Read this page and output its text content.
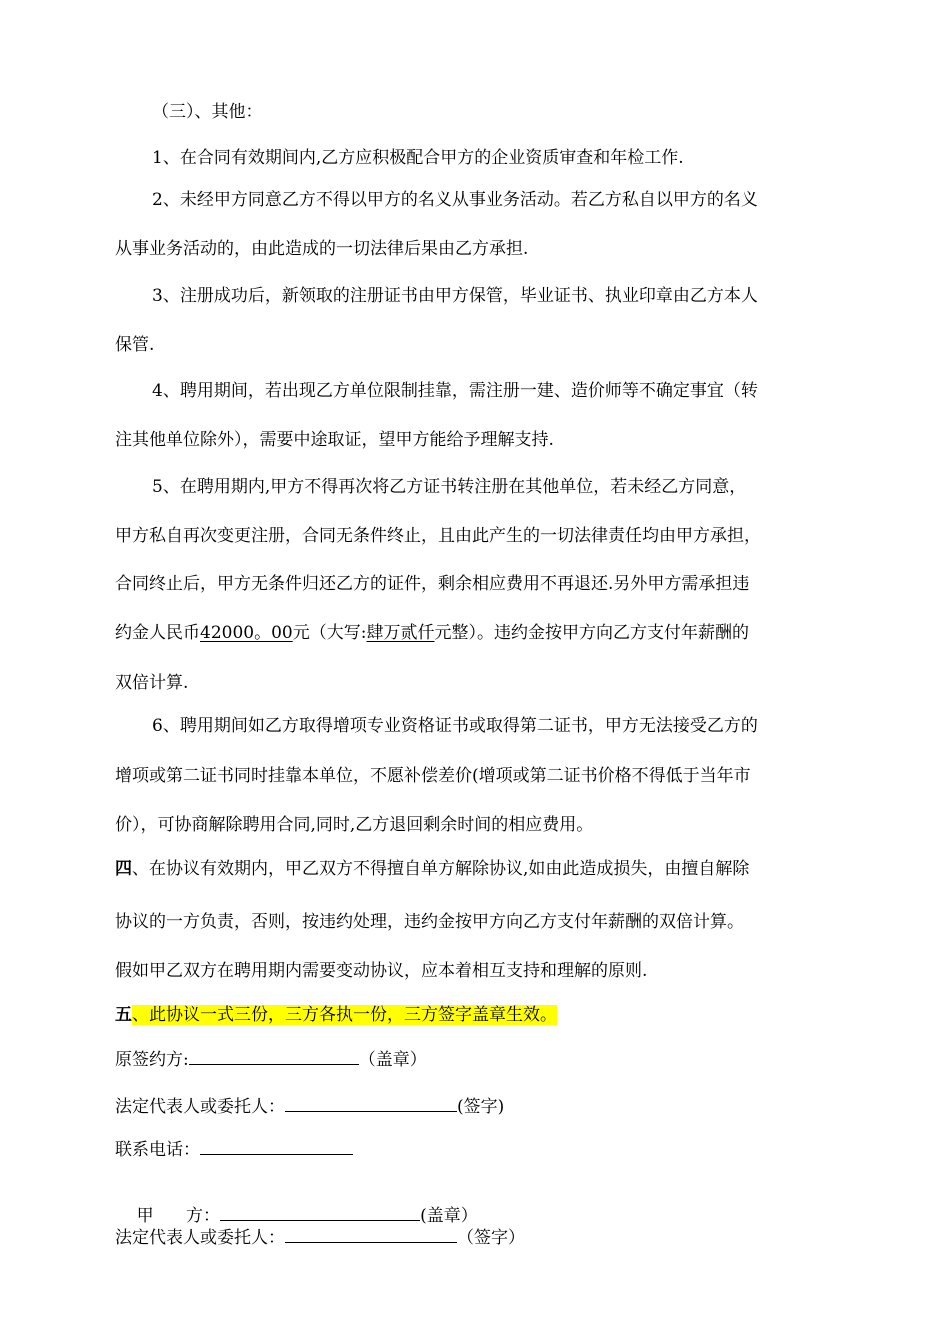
（三）、其他：
1、在合同有效期间内,乙方应积极配合甲方的企业资质审查和年检工作.
2、未经甲方同意乙方不得以甲方的名义从事业务活动。若乙方私自以甲方的名义
从事业务活动的，由此造成的一切法律后果由乙方承担.
3、注册成功后，新领取的注册证书由甲方保管，毕业证书、执业印章由乙方本人
保管.
4、聘用期间，若出现乙方单位限制挂靠，需注册一建、造价师等不确定事宜（转
注其他单位除外），需要中途取证，望甲方能给予理解支持.
5、在聘用期内,甲方不得再次将乙方证书转注册在其他单位，若未经乙方同意，
甲方私自再次变更注册，合同无条件终止，且由此产生的一切法律责任均由甲方承担，
合同终止后，甲方无条件归还乙方的证件，剩余相应费用不再退还.另外甲方需承担违
约金人民币42000。00元（大写:肆万贰仟元整）。违约金按甲方向乙方支付年薪酬的
双倍计算.
6、聘用期间如乙方取得增项专业资格证书或取得第二证书，甲方无法接受乙方的
增项或第二证书同时挂靠本单位，不愿补偿差价(增项或第二证书价格不得低于当年市
价），可协商解除聘用合同,同时,乙方退回剩余时间的相应费用。
四、在协议有效期内，甲乙双方不得擅自单方解除协议,如由此造成损失，由擅自解除
协议的一方负责，否则，按违约处理，违约金按甲方向乙方支付年薪酬的双倍计算。
假如甲乙双方在聘用期内需要变动协议，应本着相互支持和理解的原则.
五、此协议一式三份，三方各执一份，三方签字盖章生效。
原签约方:	（盖章）
法定代表人或委托人：	(签字)
联系电话：

甲      方：	(盖章）

法定代表人或委托人：	（签字）
